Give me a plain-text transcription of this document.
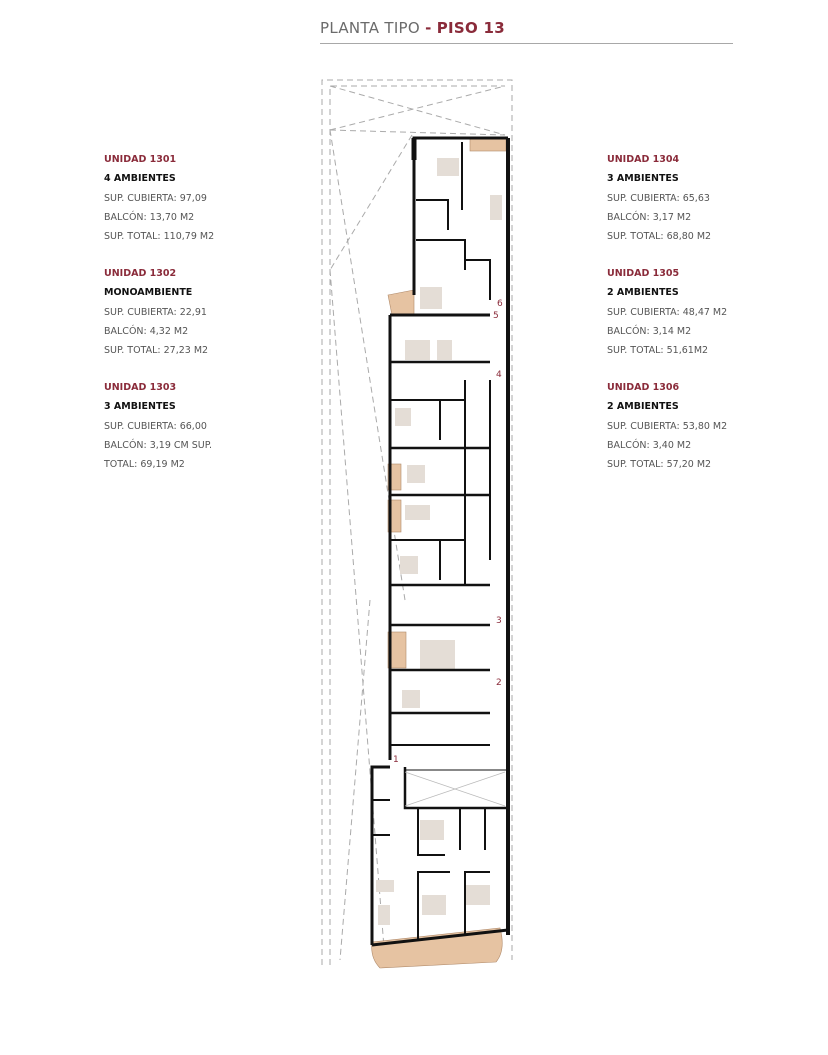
PLANTA TIPO - PISO 13
UNIDAD 1301
4 AMBIENTES
SUP. CUBIERTA: 97,09
BALCÓN: 13,70 M2
SUP. TOTAL: 110,79 M2
UNIDAD 1302
MONOAMBIENTE
SUP. CUBIERTA: 22,91
BALCÓN: 4,32 M2
SUP. TOTAL: 27,23 M2
UNIDAD 1303
3 AMBIENTES
SUP. CUBIERTA: 66,00
BALCÓN: 3,19 CM SUP.
TOTAL: 69,19 M2
UNIDAD 1304
3 AMBIENTES
SUP. CUBIERTA: 65,63
BALCÓN: 3,17 M2
SUP. TOTAL: 68,80 M2
UNIDAD 1305
2 AMBIENTES
SUP. CUBIERTA: 48,47 M2
BALCÓN: 3,14 M2
SUP. TOTAL: 51,61M2
UNIDAD 1306
2 AMBIENTES
SUP. CUBIERTA: 53,80 M2
BALCÓN: 3,40 M2
SUP. TOTAL: 57,20 M2
6
5
4
3
2
1
